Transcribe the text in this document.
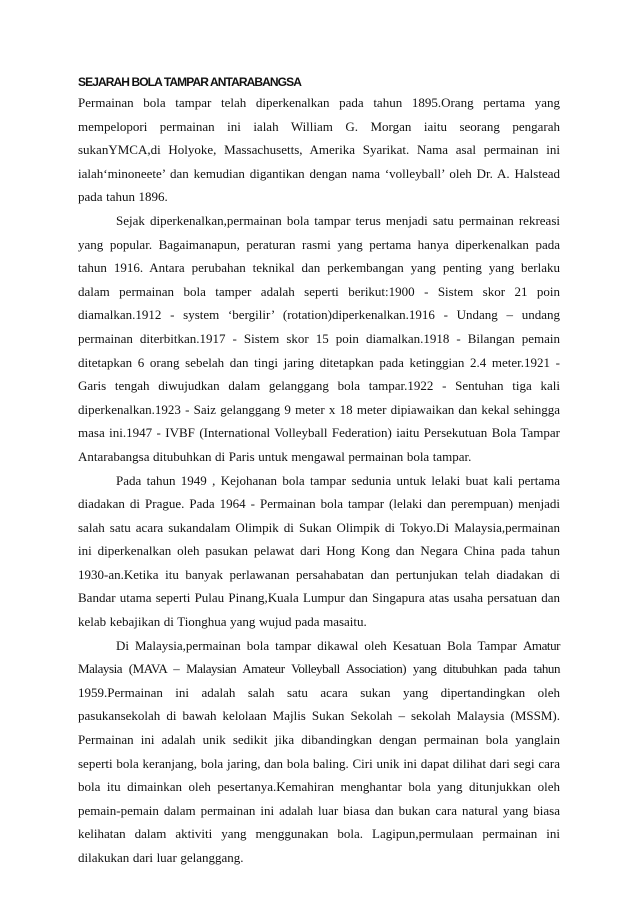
SEJARAH BOLA TAMPAR ANTARABANGSA

Permainan bola tampar telah diperkenalkan pada tahun 1895.Orang pertama yang mempelopori permainan ini ialah William G. Morgan iaitu seorang pengarah sukanYMCA,di Holyoke, Massachusetts, Amerika Syarikat. Nama asal permainan ini ialah‘minoneete’ dan kemudian digantikan dengan nama ‘volleyball’ oleh Dr. A. Halstead pada tahun 1896.

Sejak diperkenalkan,permainan bola tampar terus menjadi satu permainan rekreasi yang popular. Bagaimanapun, peraturan rasmi yang pertama hanya diperkenalkan pada tahun 1916. Antara perubahan teknikal dan perkembangan yang penting yang berlaku dalam permainan bola tamper adalah seperti berikut:1900 - Sistem skor 21 poin diamalkan.1912 - system ‘bergilir’ (rotation)diperkenalkan.1916 - Undang – undang permainan diterbitkan.1917 - Sistem skor 15 poin diamalkan.1918 - Bilangan pemain ditetapkan 6 orang sebelah dan tingi jaring ditetapkan pada ketinggian 2.4 meter.1921 - Garis tengah diwujudkan dalam gelanggang bola tampar.1922 - Sentuhan tiga kali diperkenalkan.1923 - Saiz gelanggang 9 meter x 18 meter dipiawaikan dan kekal sehingga masa ini.1947 - IVBF (International Volleyball Federation) iaitu Persekutuan Bola Tampar Antarabangsa ditubuhkan di Paris untuk mengawal permainan bola tampar.

Pada tahun 1949 , Kejohanan bola tampar sedunia untuk lelaki buat kali pertama diadakan di Prague. Pada 1964 - Permainan bola tampar (lelaki dan perempuan) menjadi salah satu acara sukandalam Olimpik di Sukan Olimpik di Tokyo.Di Malaysia,permainan ini diperkenalkan oleh pasukan pelawat dari Hong Kong dan Negara China pada tahun 1930-an.Ketika itu banyak perlawanan persahabatan dan pertunjukan telah diadakan di Bandar utama seperti Pulau Pinang,Kuala Lumpur dan Singapura atas usaha persatuan dan kelab kebajikan di Tionghua yang wujud pada masaitu.

Di Malaysia,permainan bola tampar dikawal oleh Kesatuan Bola Tampar Amatur Malaysia (MAVA – Malaysian Amateur Volleyball Association) yang ditubuhkan pada tahun 1959.Permainan ini adalah salah satu acara sukan yang dipertandingkan oleh pasukansekolah di bawah kelolaan Majlis Sukan Sekolah – sekolah Malaysia (MSSM). Permainan ini adalah unik sedikit jika dibandingkan dengan permainan bola yanglain seperti bola keranjang, bola jaring, dan bola baling. Ciri unik ini dapat dilihat dari segi cara bola itu dimainkan oleh pesertanya.Kemahiran menghantar bola yang ditunjukkan oleh pemain-pemain dalam permainan ini adalah luar biasa dan bukan cara natural yang biasa kelihatan dalam aktiviti yang menggunakan bola. Lagipun,permulaan permainan ini dilakukan dari luar gelanggang.
